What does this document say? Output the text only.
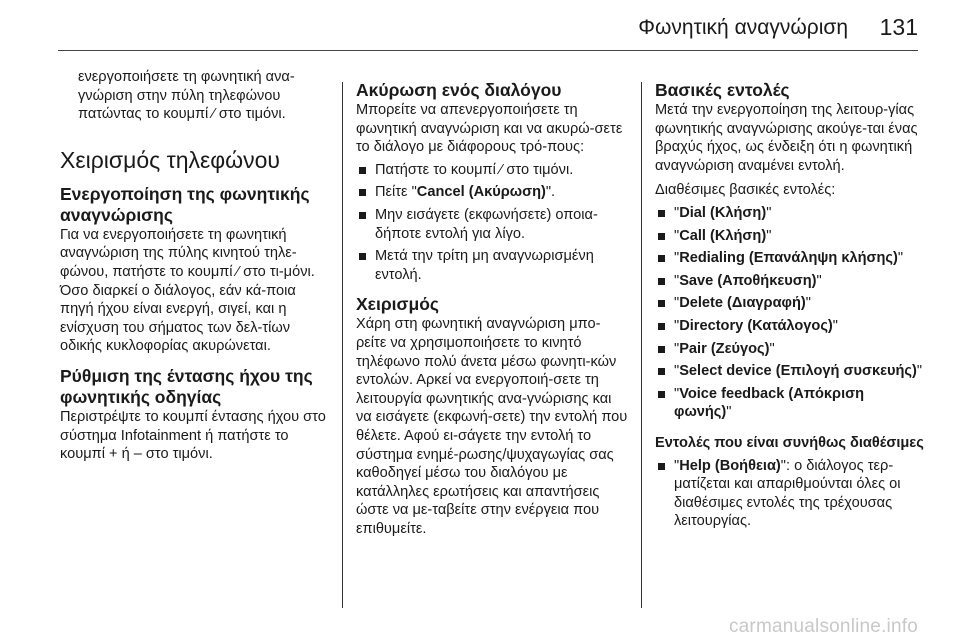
Φωνητική αναγνώριση 131

ενεργοποιήσετε τη φωνητική ανα-γνώριση στην πύλη τηλεφώνου πατώντας το κουμπί ⁄ στο τιμόνι.

Χειρισμός τηλεφώνου
Ενεργοποίηση της φωνητικής αναγνώρισης

Για να ενεργοποιήσετε τη φωνητική αναγνώριση της πύλης κινητού τηλε-φώνου, πατήστε το κουμπί ⁄ στο τι-μόνι. Όσο διαρκεί ο διάλογος, εάν κά-ποια πηγή ήχου είναι ενεργή, σιγεί, και η ενίσχυση του σήματος των δελ-τίων οδικής κυκλοφορίας ακυρώνεται.

Ρύθμιση της έντασης ήχου της φωνητικής οδηγίας

Περιστρέψτε το κουμπί έντασης ήχου στο σύστημα Infotainment ή πατήστε το κουμπί + ή – στο τιμόνι.

Ακύρωση ενός διαλόγου

Μπορείτε να απενεργοποιήσετε τη φωνητική αναγνώριση και να ακυρώ-σετε το διάλογο με διάφορους τρό-πους:

Πατήστε το κουμπί ⁄ στο τιμόνι.
Πείτε "Cancel (Ακύρωση)".
Μην εισάγετε (εκφωνήσετε) οποια-δήποτε εντολή για λίγο.
Μετά την τρίτη μη αναγνωρισμένη εντολή.
Χειρισμός

Χάρη στη φωνητική αναγνώριση μπο-ρείτε να χρησιμοποιήσετε το κινητό τηλέφωνο πολύ άνετα μέσω φωνητι-κών εντολών. Αρκεί να ενεργοποιή-σετε τη λειτουργία φωνητικής ανα-γνώρισης και να εισάγετε (εκφωνή-σετε) την εντολή που θέλετε. Αφού ει-σάγετε την εντολή το σύστημα ενημέ-ρωσης/ψυχαγωγίας σας καθοδηγεί μέσω του διαλόγου με κατάλληλες ερωτήσεις και απαντήσεις ώστε να με-ταβείτε στην ενέργεια που επιθυμείτε.

Βασικές εντολές

Μετά την ενεργοποίηση της λειτουρ-γίας φωνητικής αναγνώρισης ακούγε-ται ένας βραχύς ήχος, ως ένδειξη ότι η φωνητική αναγνώριση αναμένει εντολή.

Διαθέσιμες βασικές εντολές:

"Dial (Κλήση)"
"Call (Κλήση)"
"Redialing (Επανάληψη κλήσης)"
"Save (Αποθήκευση)"
"Delete (Διαγραφή)"
"Directory (Κατάλογος)"
"Pair (Ζεύγος)"
"Select device (Επιλογή συσκευής)"
"Voice feedback (Απόκριση φωνής)"
Εντολές που είναι συνήθως διαθέσιμες
"Help (Βοήθεια)": ο διάλογος τερ-ματίζεται και απαριθμούνται όλες οι διαθέσιμες εντολές της τρέχουσας λειτουργίας.
carmanualsonline.info
